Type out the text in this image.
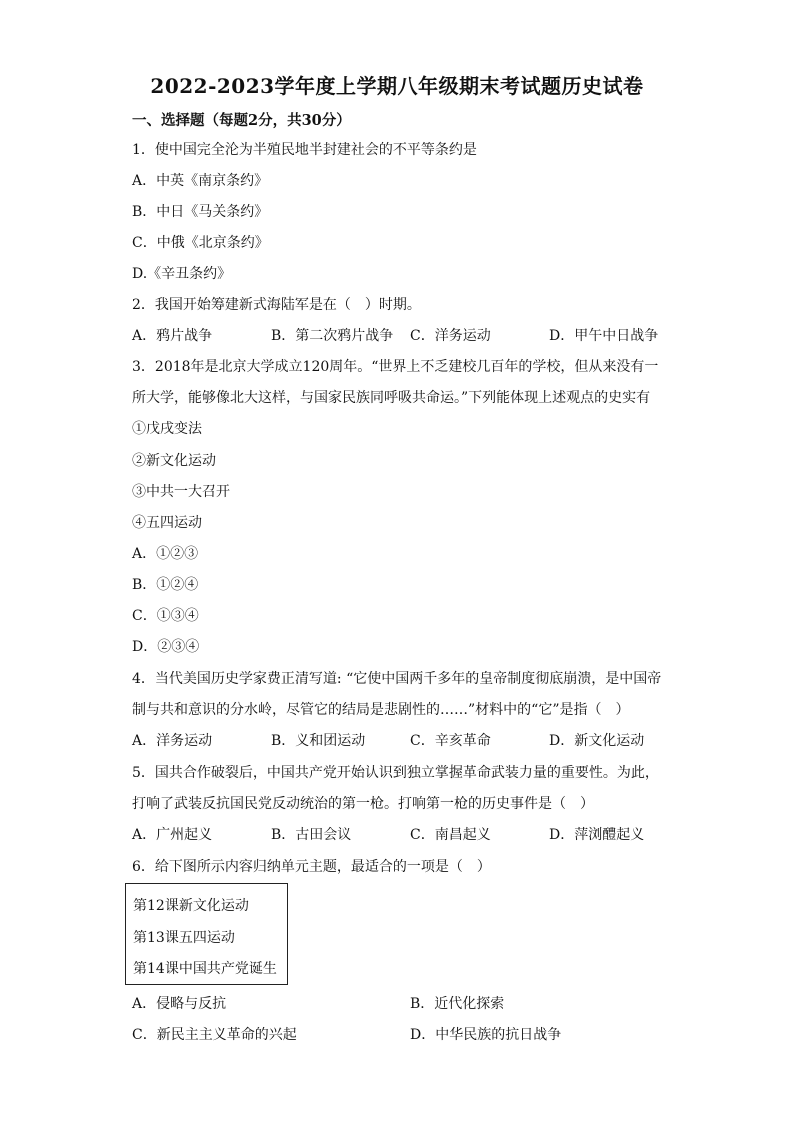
2022-2023学年度上学期八年级期末考试题历史试卷
一、选择题（每题2分，共30分）
1．使中国完全沦为半殖民地半封建社会的不平等条约是
A．中英《南京条约》
B．中日《马关条约》
C．中俄《北京条约》
D.《辛丑条约》
2．我国开始筹建新式海陆军是在（　）时期。
A．鸦片战争	B．第二次鸦片战争 C．洋务运动	D．甲午中日战争
3．2018年是北京大学成立120周年。“世界上不乏建校几百年的学校，但从来没有一
所大学，能够像北大这样，与国家民族同呼吸共命运。”下列能体现上述观点的史实有
①戊戌变法
②新文化运动
③中共一大召开
④五四运动
A．①②③
B．①②④
C．①③④
D．②③④
4．当代美国历史学家费正清写道: “它使中国两千多年的皇帝制度彻底崩溃，是中国帝
制与共和意识的分水岭，尽管它的结局是悲剧性的……”材料中的“它”是指（　）
A．洋务运动	B．义和团运动	C．辛亥革命	D．新文化运动
5．国共合作破裂后，中国共产党开始认识到独立掌握革命武装力量的重要性。为此，
打响了武装反抗国民党反动统治的第一枪。打响第一枪的历史事件是（　）
A．广州起义	B．古田会议	C．南昌起义	D．萍浏醴起义
6．给下图所示内容归纳单元主题，最适合的一项是（　）
第12课新文化运动
第13课五四运动
第14课中国共产党诞生
A．侵略与反抗	B．近代化探索
C．新民主主义革命的兴起	D．中华民族的抗日战争
